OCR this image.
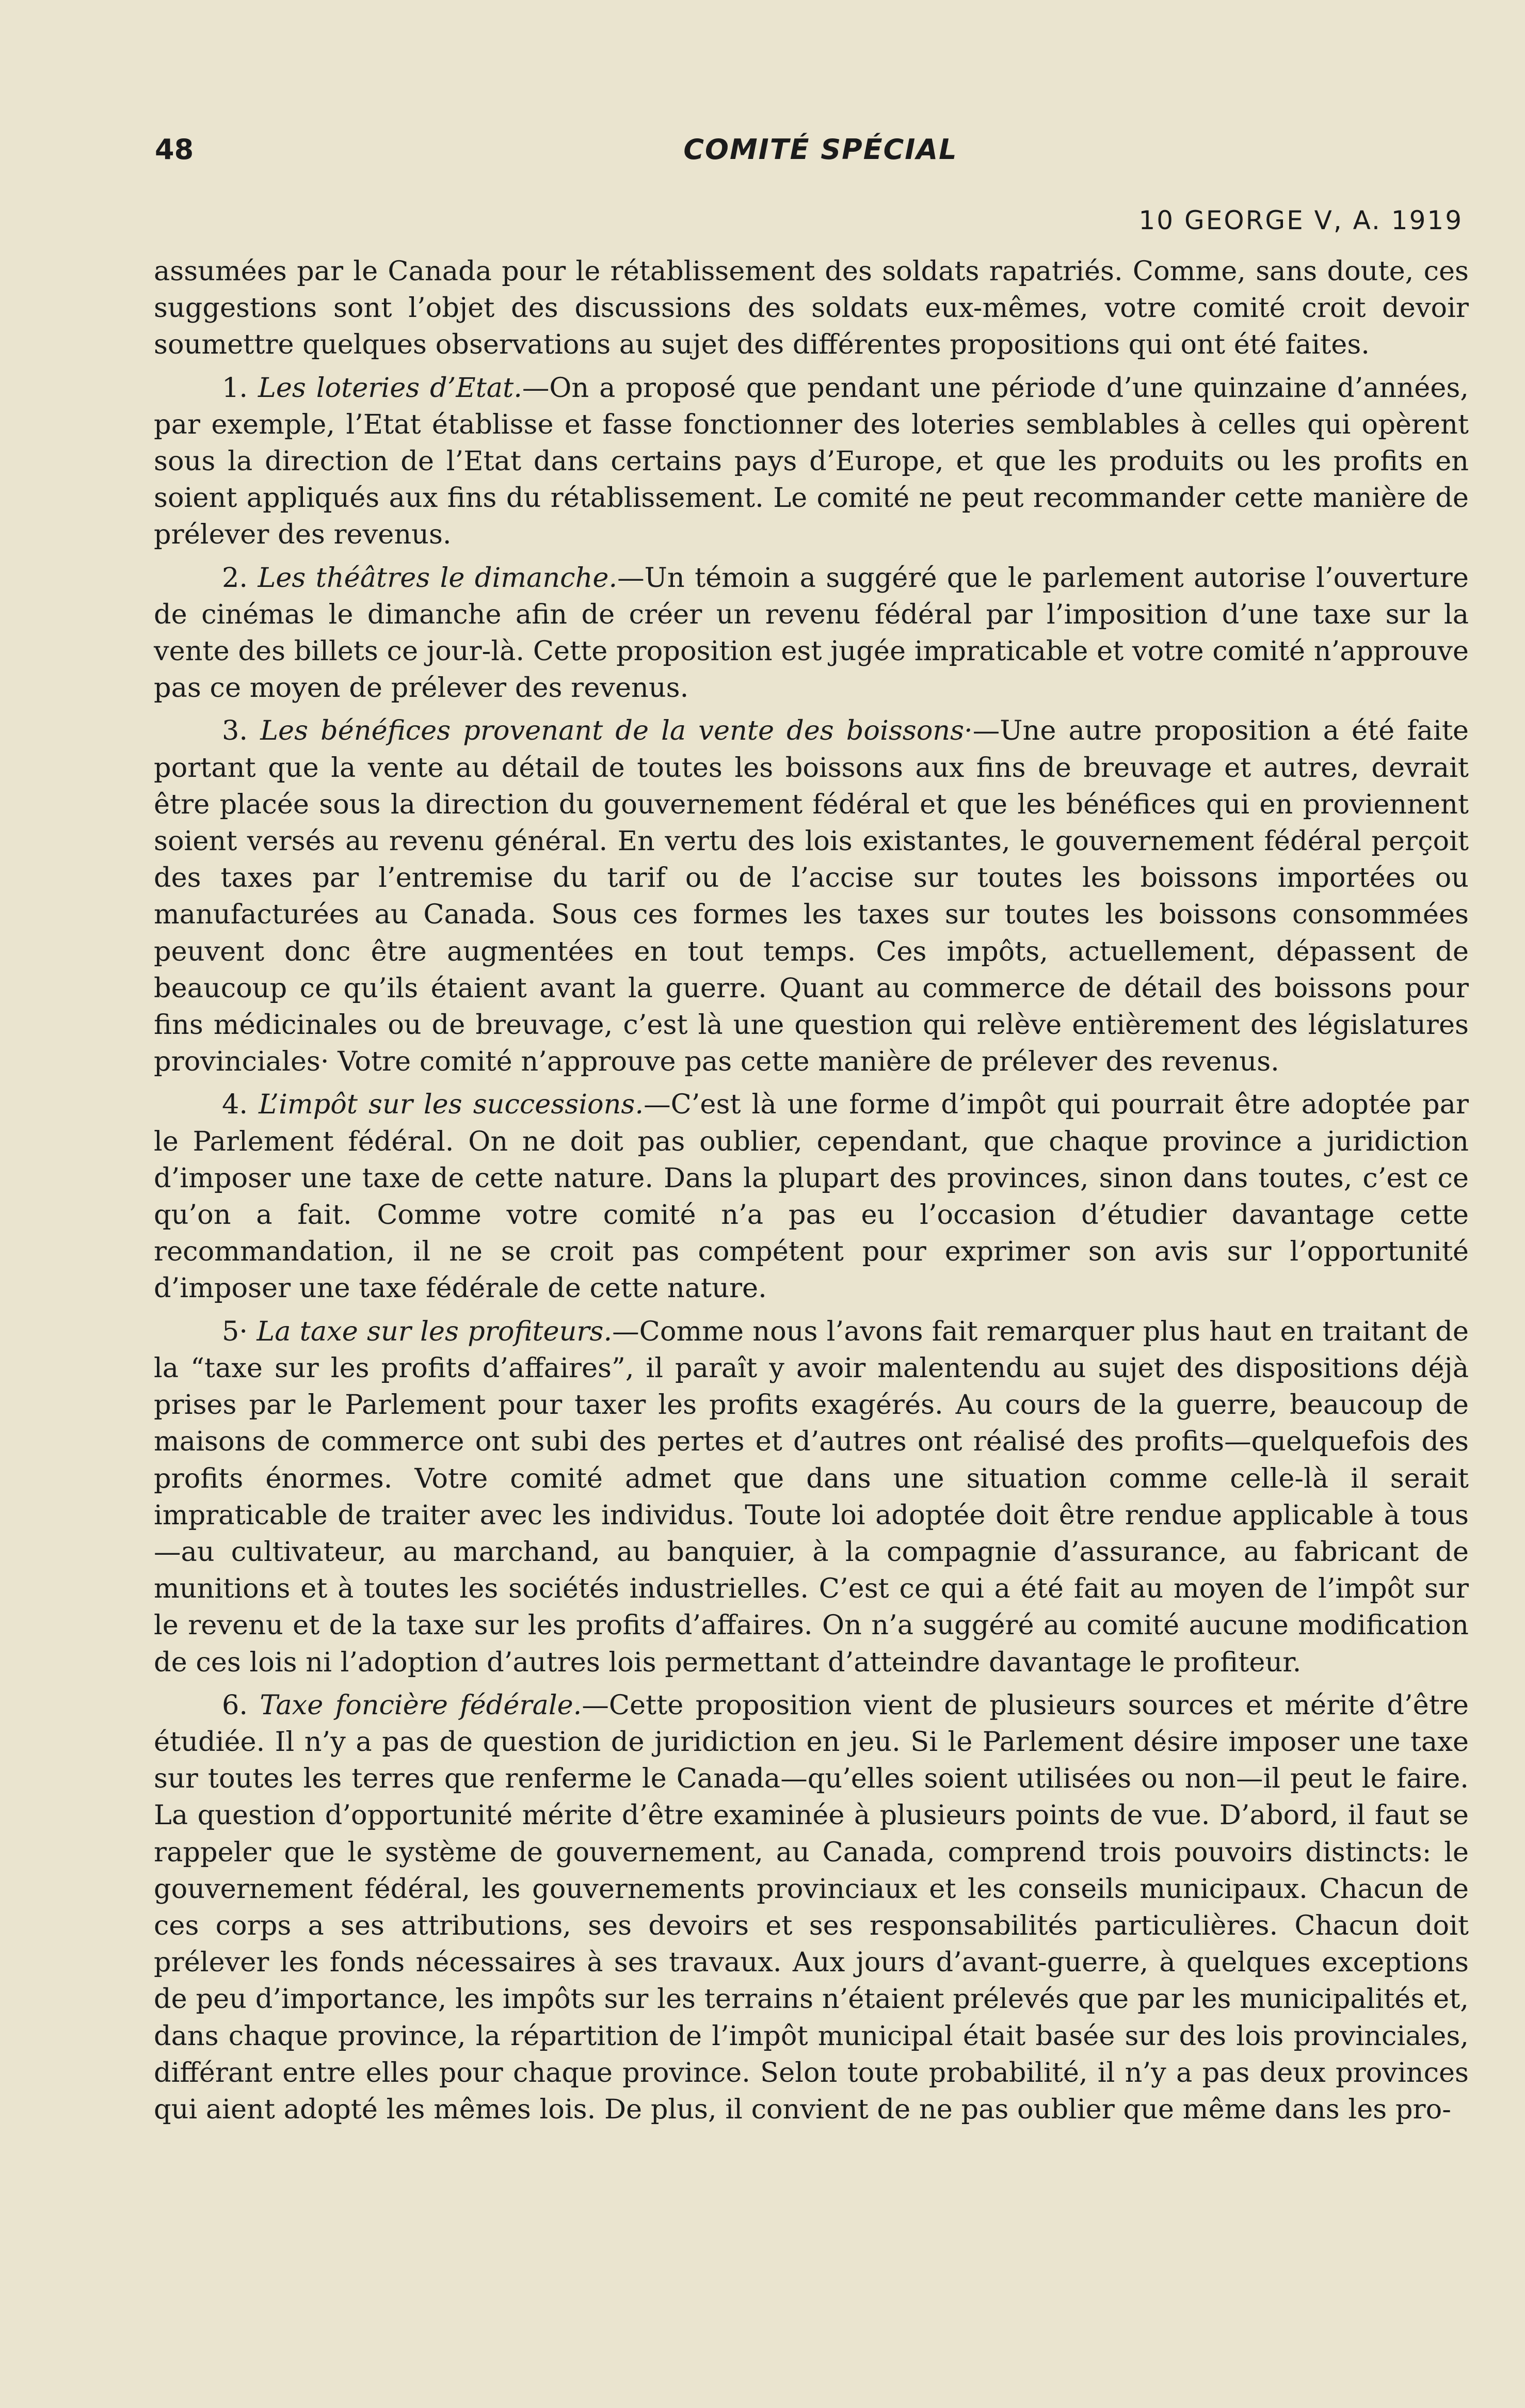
48	COMITÉ SPÉCIAL
10 GEORGE V, A. 1919

assumées par le Canada pour le rétablissement des soldats rapatriés. Comme, sans doute, ces suggestions sont l’objet des discussions des soldats eux-mêmes, votre comité croit devoir soumettre quelques observations au sujet des différentes propositions qui ont été faites.

1. Les loteries d’Etat.—On a proposé que pendant une période d’une quinzaine d’années, par exemple, l’Etat établisse et fasse fonctionner des loteries semblables à celles qui opèrent sous la direction de l’Etat dans certains pays d’Europe, et que les produits ou les profits en soient appliqués aux fins du rétablissement. Le comité ne peut recommander cette manière de prélever des revenus.

2. Les théâtres le dimanche.—Un témoin a suggéré que le parlement autorise l’ouverture de cinémas le dimanche afin de créer un revenu fédéral par l’imposition d’une taxe sur la vente des billets ce jour-là. Cette proposition est jugée impraticable et votre comité n’approuve pas ce moyen de prélever des revenus.

3. Les bénéfices provenant de la vente des boissons·—Une autre proposition a été faite portant que la vente au détail de toutes les boissons aux fins de breuvage et autres, devrait être placée sous la direction du gouvernement fédéral et que les bénéfices qui en proviennent soient versés au revenu général. En vertu des lois existantes, le gouvernement fédéral perçoit des taxes par l’entremise du tarif ou de l’accise sur toutes les boissons importées ou manufacturées au Canada. Sous ces formes les taxes sur toutes les boissons consommées peuvent donc être augmentées en tout temps. Ces impôts, actuellement, dépassent de beaucoup ce qu’ils étaient avant la guerre. Quant au commerce de détail des boissons pour fins médicinales ou de breuvage, c’est là une question qui relève entièrement des législatures provinciales· Votre comité n’approuve pas cette manière de prélever des revenus.

4. L’impôt sur les successions.—C’est là une forme d’impôt qui pourrait être adoptée par le Parlement fédéral. On ne doit pas oublier, cependant, que chaque province a juridiction d’imposer une taxe de cette nature. Dans la plupart des provinces, sinon dans toutes, c’est ce qu’on a fait. Comme votre comité n’a pas eu l’occasion d’étudier davantage cette recommandation, il ne se croit pas compétent pour exprimer son avis sur l’opportunité d’imposer une taxe fédérale de cette nature.

5· La taxe sur les profiteurs.—Comme nous l’avons fait remarquer plus haut en traitant de la “taxe sur les profits d’affaires”, il paraît y avoir malentendu au sujet des dispositions déjà prises par le Parlement pour taxer les profits exagérés. Au cours de la guerre, beaucoup de maisons de commerce ont subi des pertes et d’autres ont réalisé des profits—quelquefois des profits énormes. Votre comité admet que dans une situation comme celle-là il serait impraticable de traiter avec les individus. Toute loi adoptée doit être rendue applicable à tous—au cultivateur, au marchand, au banquier, à la compagnie d’assurance, au fabricant de munitions et à toutes les sociétés industrielles. C’est ce qui a été fait au moyen de l’impôt sur le revenu et de la taxe sur les profits d’affaires. On n’a suggéré au comité aucune modification de ces lois ni l’adoption d’autres lois permettant d’atteindre davantage le profiteur.

6. Taxe foncière fédérale.—Cette proposition vient de plusieurs sources et mérite d’être étudiée. Il n’y a pas de question de juridiction en jeu. Si le Parlement désire imposer une taxe sur toutes les terres que renferme le Canada—qu’elles soient utilisées ou non—il peut le faire. La question d’opportunité mérite d’être examinée à plusieurs points de vue. D’abord, il faut se rappeler que le système de gouvernement, au Canada, comprend trois pouvoirs distincts: le gouvernement fédéral, les gouvernements provinciaux et les conseils municipaux. Chacun de ces corps a ses attributions, ses devoirs et ses responsabilités particulières. Chacun doit prélever les fonds nécessaires à ses travaux. Aux jours d’avant-guerre, à quelques exceptions de peu d’importance, les impôts sur les terrains n’étaient prélevés que par les municipalités et, dans chaque province, la répartition de l’impôt municipal était basée sur des lois provinciales, différant entre elles pour chaque province. Selon toute probabilité, il n’y a pas deux provinces qui aient adopté les mêmes lois. De plus, il convient de ne pas oublier que même dans les pro-
